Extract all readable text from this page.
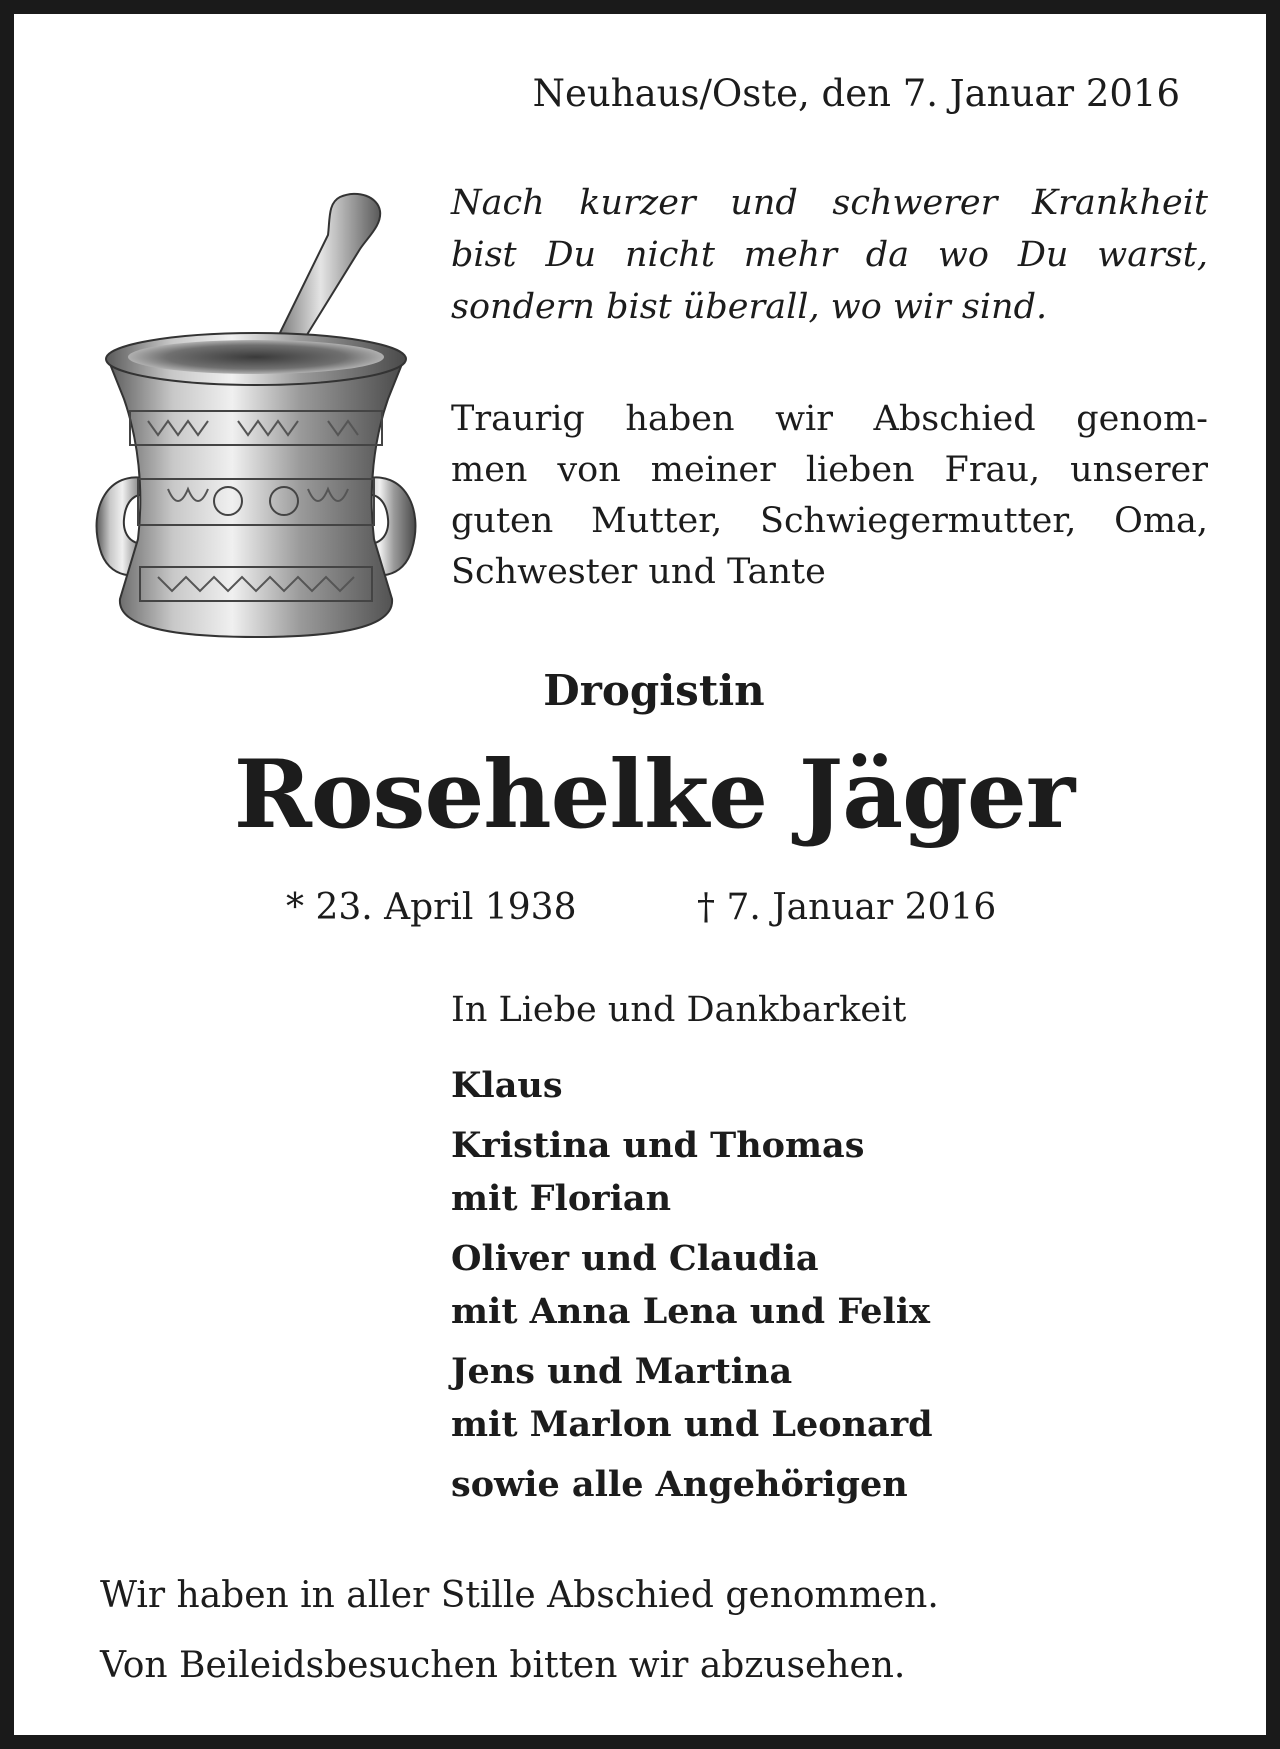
Neuhaus/Oste, den 7. Januar 2016

Nach kurzer und schwerer Krankheit
bist Du nicht mehr da wo Du warst,
sondern bist überall, wo wir sind.
Traurig haben wir Abschied genom-
men von meiner lieben Frau, unserer
guten Mutter, Schwiegermutter, Oma,
Schwester und Tante

Drogistin

Rosehelke Jäger

* 23. April 1938	† 7. Januar 2016

In Liebe und Dankbarkeit

Klaus
Kristina und Thomas
mit Florian
Oliver und Claudia
mit Anna Lena und Felix
Jens und Martina
mit Marlon und Leonard
sowie alle Angehörigen

Wir haben in aller Stille Abschied genommen.

Von Beileidsbesuchen bitten wir abzusehen.
